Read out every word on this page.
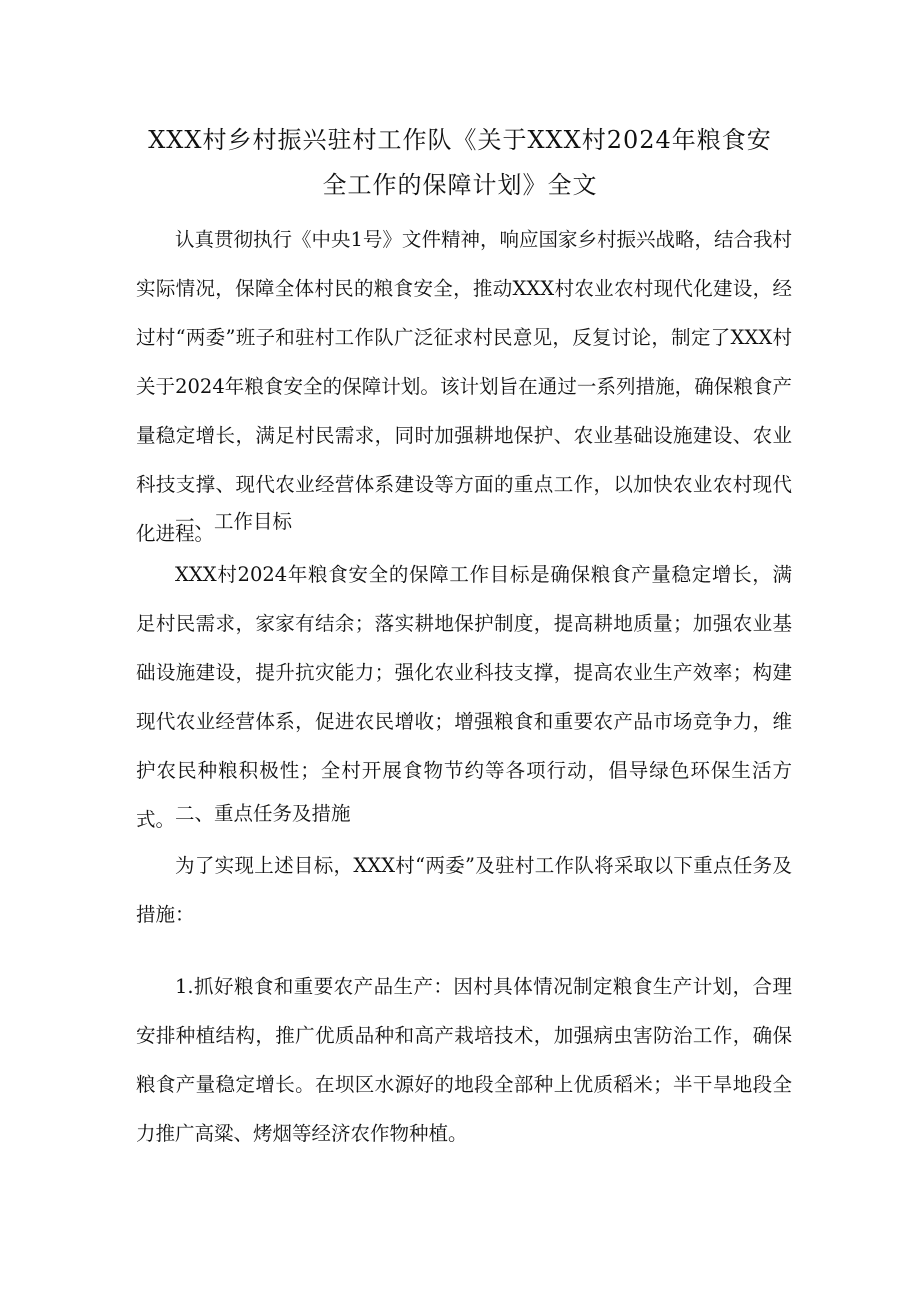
XXX村乡村振兴驻村工作队《关于XXX村2024年粮食安
全工作的保障计划》全文

认真贯彻执行《中央1号》文件精神，响应国家乡村振兴战略，结合我村实际情况，保障全体村民的粮食安全，推动XXX村农业农村现代化建设，经过村“两委”班子和驻村工作队广泛征求村民意见，反复讨论，制定了XXX村关于2024年粮食安全的保障计划。该计划旨在通过一系列措施，确保粮食产量稳定增长，满足村民需求，同时加强耕地保护、农业基础设施建设、农业科技支撑、现代农业经营体系建设等方面的重点工作，以加快农业农村现代化进程。

一、工作目标

XXX村2024年粮食安全的保障工作目标是确保粮食产量稳定增长，满足村民需求，家家有结余；落实耕地保护制度，提高耕地质量；加强农业基础设施建设，提升抗灾能力；强化农业科技支撑，提高农业生产效率；构建现代农业经营体系，促进农民增收；增强粮食和重要农产品市场竞争力，维护农民种粮积极性；全村开展食物节约等各项行动，倡导绿色环保生活方式。 二、重点任务及措施

为了实现上述目标，XXX村“两委”及驻村工作队将采取以下重点任务及措施：

1.抓好粮食和重要农产品生产：因村具体情况制定粮食生产计划，合理安排种植结构，推广优质品种和高产栽培技术，加强病虫害防治工作，确保粮食产量稳定增长。在坝区水源好的地段全部种上优质稻米；半干旱地段全力推广高粱、烤烟等经济农作物种植。
